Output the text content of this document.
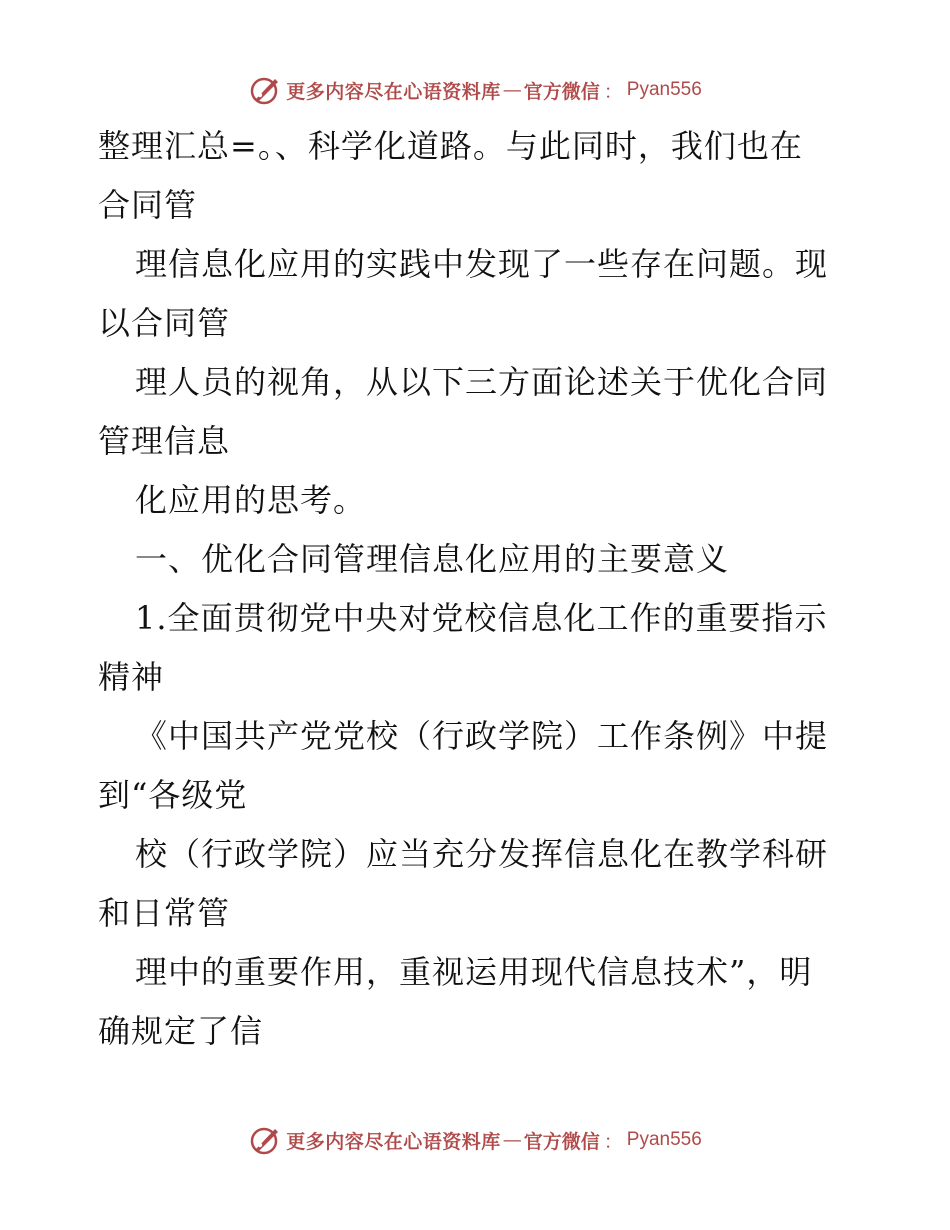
更多内容尽在心语资料库 — 官方微信 ： Pyan556
整理汇总=。、科学化道路。与此同时，我们也在
合同管
理信息化应用的实践中发现了一些存在问题。现
以合同管
理人员的视角，从以下三方面论述关于优化合同
管理信息
化应用的思考。
一、优化合同管理信息化应用的主要意义
1.全面贯彻党中央对党校信息化工作的重要指示
精神
《中国共产党党校（行政学院）工作条例》中提
到“各级党
校（行政学院）应当充分发挥信息化在教学科研
和日常管
理中的重要作用，重视运用现代信息技术”，明
确规定了信
更多内容尽在心语资料库 — 官方微信 ： Pyan556
